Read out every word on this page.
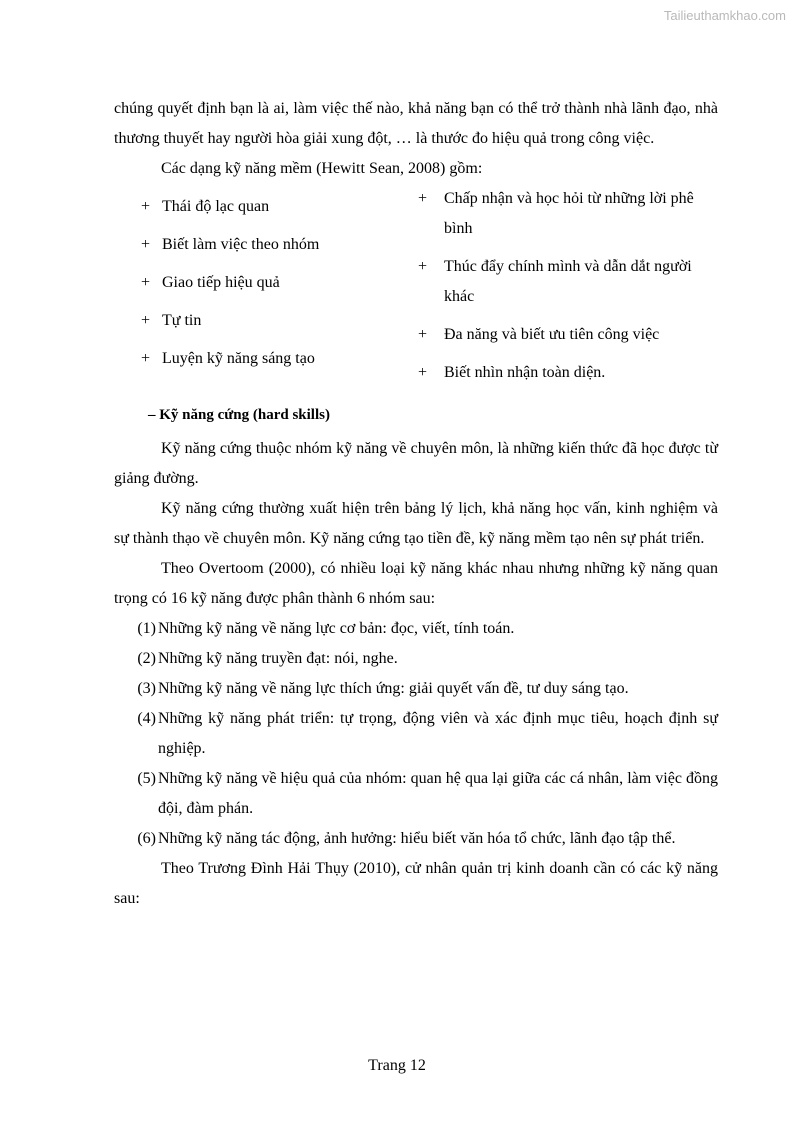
Tailieuthamkhao.com

chúng quyết định bạn là ai, làm việc thế nào, khả năng bạn có thể trở thành nhà lãnh đạo, nhà thương thuyết hay người hòa giải xung đột, … là thước đo hiệu quả trong công việc.

Các dạng kỹ năng mềm (Hewitt Sean, 2008) gồm:

+ Thái độ lạc quan
+ Biết làm việc theo nhóm
+ Giao tiếp hiệu quả
+ Tự tin
+ Luyện kỹ năng sáng tạo
+	Chấp nhận và học hỏi từ những lời phê bình
+	Thúc đẩy chính mình và dẫn dắt người khác
+	Đa năng và biết ưu tiên công việc
+	Biết nhìn nhận toàn diện.
– Kỹ năng cứng (hard skills)

Kỹ năng cứng thuộc nhóm kỹ năng về chuyên môn, là những kiến thức đã học được từ giảng đường.

Kỹ năng cứng thường xuất hiện trên bảng lý lịch, khả năng học vấn, kinh nghiệm và sự thành thạo về chuyên môn. Kỹ năng cứng tạo tiền đề, kỹ năng mềm tạo nên sự phát triển.

Theo Overtoom (2000), có nhiều loại kỹ năng khác nhau nhưng những kỹ năng quan trọng có 16 kỹ năng được phân thành 6 nhóm sau:

(1) Những kỹ năng về năng lực cơ bản: đọc, viết, tính toán.
(2) Những kỹ năng truyền đạt: nói, nghe.
(3) Những kỹ năng về năng lực thích ứng: giải quyết vấn đề, tư duy sáng tạo.
(4) Những kỹ năng phát triển: tự trọng, động viên và xác định mục tiêu, hoạch định sự nghiệp.
(5) Những kỹ năng về hiệu quả của nhóm: quan hệ qua lại giữa các cá nhân, làm việc đồng đội, đàm phán.
(6) Những kỹ năng tác động, ảnh hưởng: hiểu biết văn hóa tổ chức, lãnh đạo tập thể.

Theo Trương Đình Hải Thụy (2010), cử nhân quản trị kinh doanh cần có các kỹ năng sau:

Trang 12
